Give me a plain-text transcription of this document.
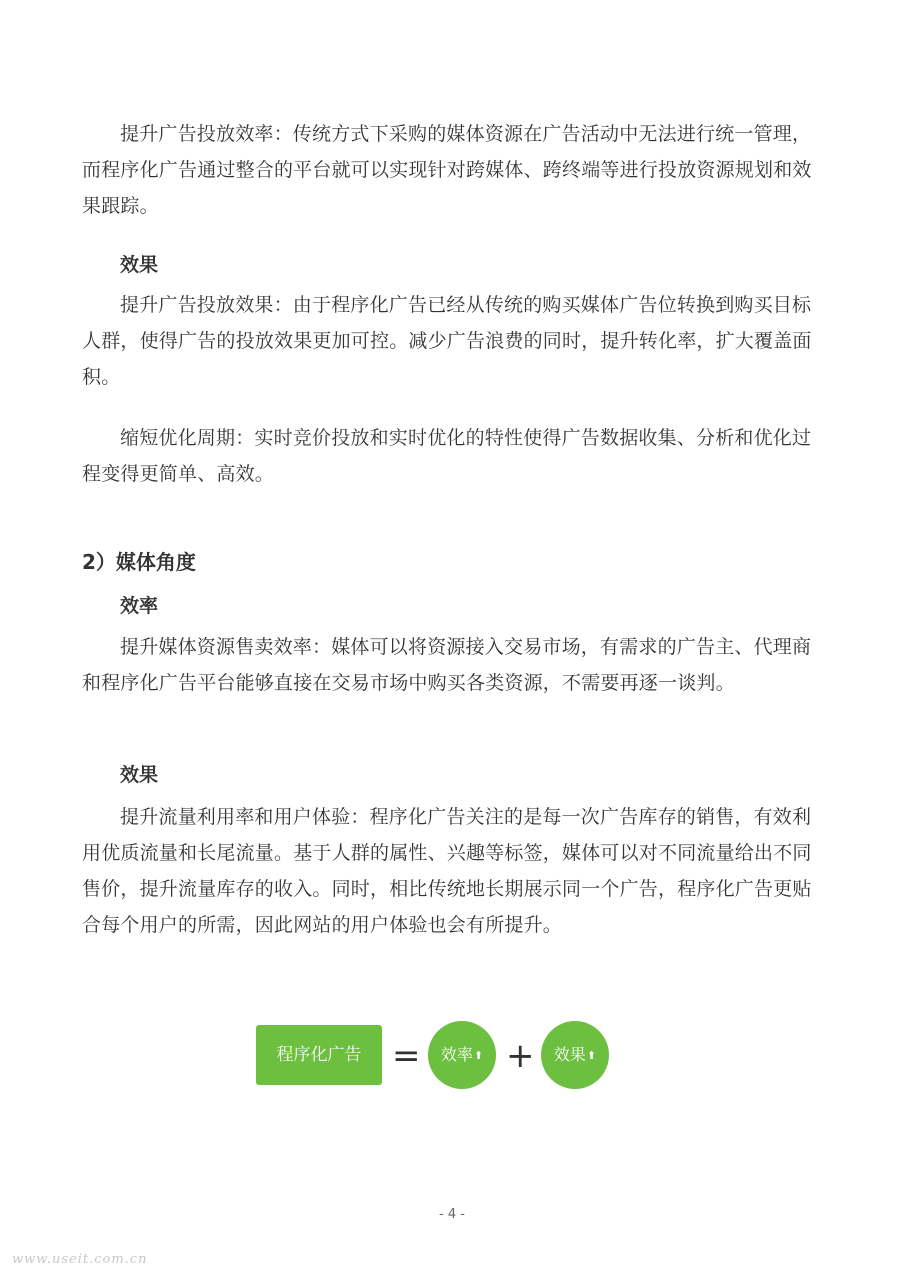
提升广告投放效率：传统方式下采购的媒体资源在广告活动中无法进行统一管理，而程序化广告通过整合的平台就可以实现针对跨媒体、跨终端等进行投放资源规划和效果跟踪。

效果

提升广告投放效果：由于程序化广告已经从传统的购买媒体广告位转换到购买目标人群，使得广告的投放效果更加可控。减少广告浪费的同时，提升转化率，扩大覆盖面积。

缩短优化周期：实时竞价投放和实时优化的特性使得广告数据收集、分析和优化过程变得更简单、高效。

2）媒体角度

效率

提升媒体资源售卖效率：媒体可以将资源接入交易市场，有需求的广告主、代理商和程序化广告平台能够直接在交易市场中购买各类资源，不需要再逐一谈判。

效果

提升流量利用率和用户体验：程序化广告关注的是每一次广告库存的销售，有效利用优质流量和长尾流量。基于人群的属性、兴趣等标签，媒体可以对不同流量给出不同售价，提升流量库存的收入。同时，相比传统地长期展示同一个广告，程序化广告更贴合每个用户的所需，因此网站的用户体验也会有所提升。

程序化广告 =	效率⬆ +	效果⬆
- 4 -
www.useit.com.cn
